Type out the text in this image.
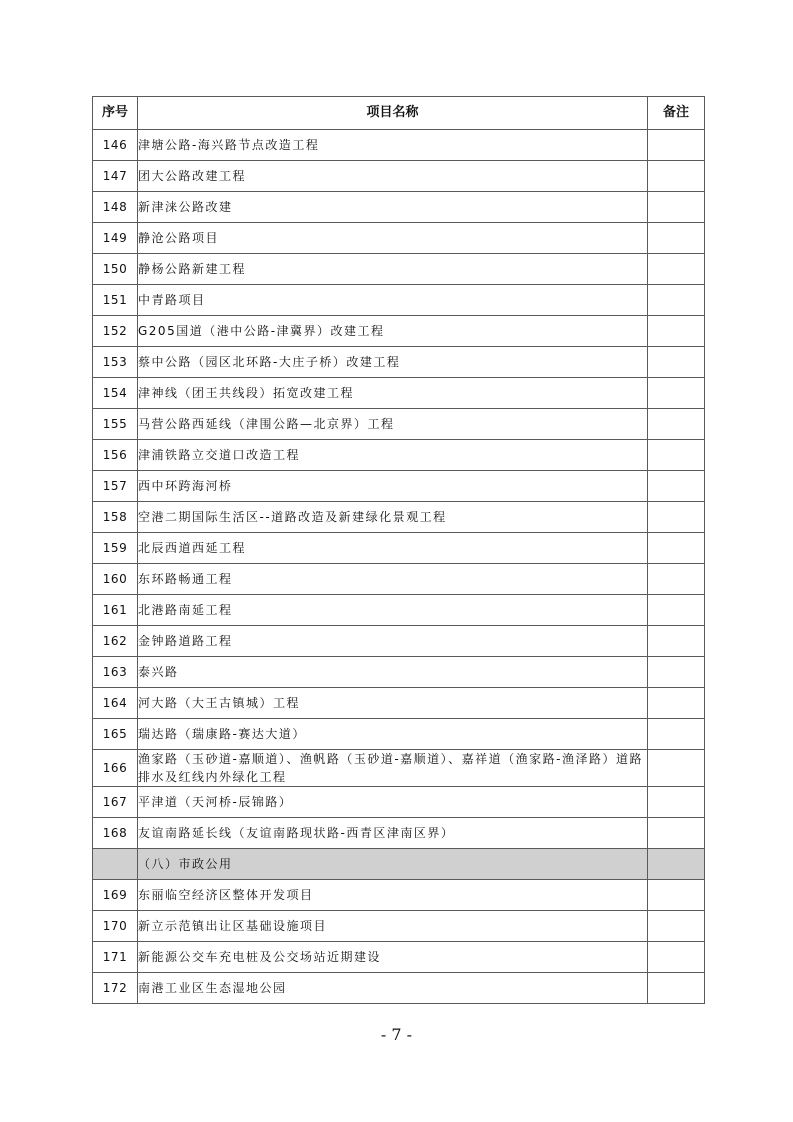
序号	项目名称	备注
146	津塘公路-海兴路节点改造工程	
147	团大公路改建工程	
148	新津涞公路改建	
149	静沧公路项目	
150	静杨公路新建工程	
151	中青路项目	
152	G205国道（港中公路-津冀界）改建工程	
153	蔡中公路（园区北环路-大庄子桥）改建工程	
154	津神线（团王共线段）拓宽改建工程	
155	马营公路西延线（津围公路—北京界）工程	
156	津浦铁路立交道口改造工程	
157	西中环跨海河桥	
158	空港二期国际生活区--道路改造及新建绿化景观工程	
159	北辰西道西延工程	
160	东环路畅通工程	
161	北港路南延工程	
162	金钟路道路工程	
163	泰兴路	
164	河大路（大王古镇城）工程	
165	瑞达路（瑞康路-赛达大道）	
166	渔家路（玉砂道-嘉顺道）、渔帆路（玉砂道-嘉顺道）、嘉祥道（渔家路-渔泽路）道路排水及红线内外绿化工程	
167	平津道（天河桥-辰锦路）	
168	友谊南路延长线（友谊南路现状路-西青区津南区界）	
	（八）市政公用	
169	东丽临空经济区整体开发项目	
170	新立示范镇出让区基础设施项目	
171	新能源公交车充电桩及公交场站近期建设	
172	南港工业区生态湿地公园	
- 7 -
